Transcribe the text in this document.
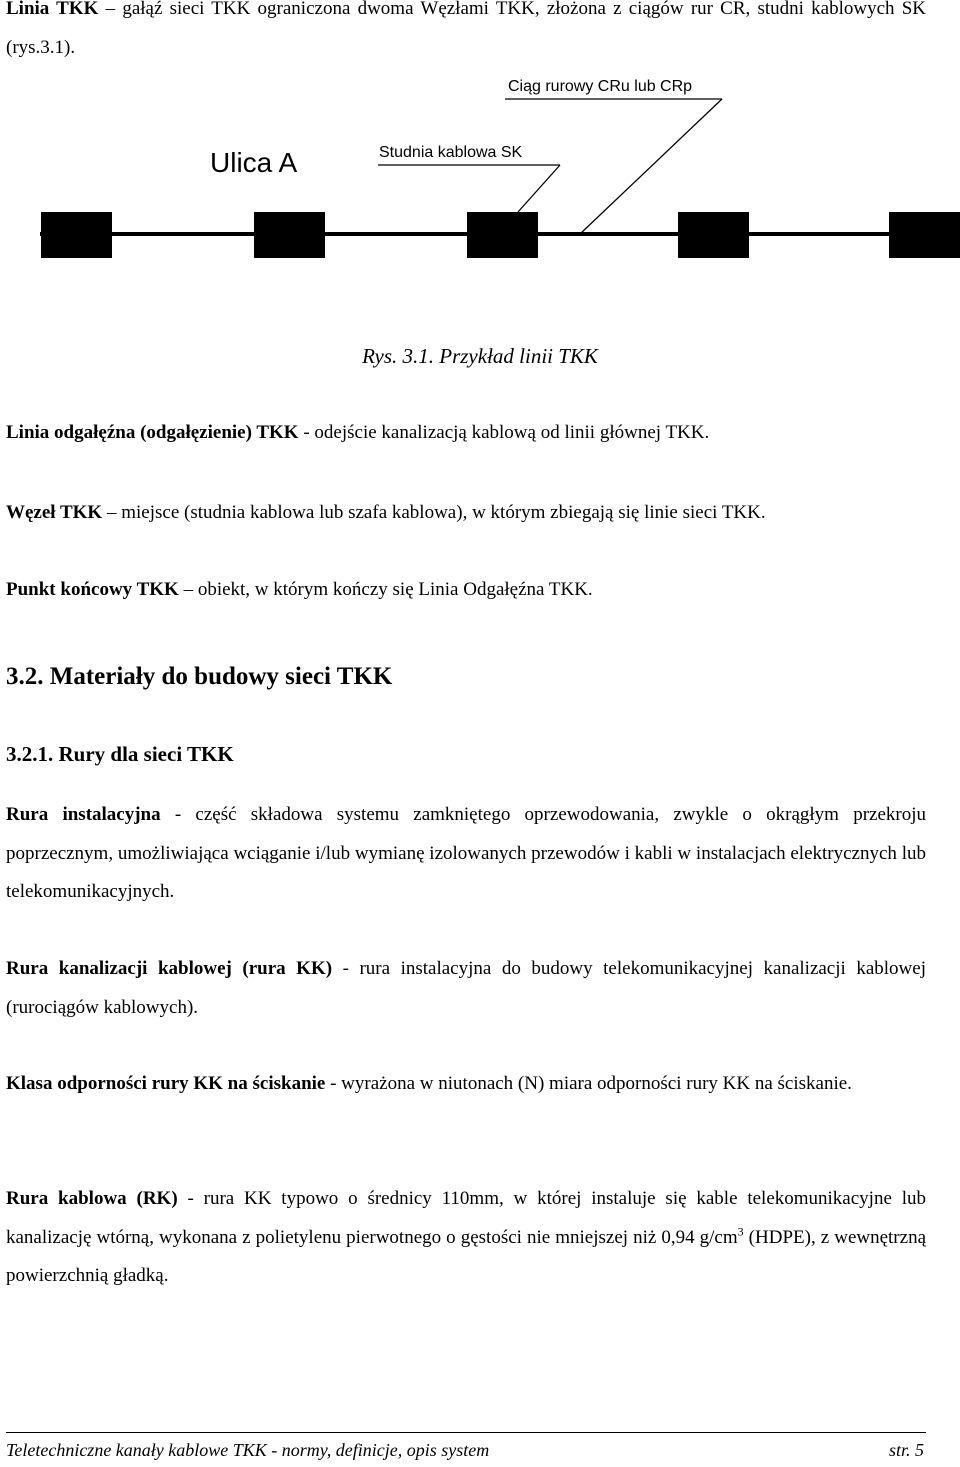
Linia TKK – gałąź sieci TKK ograniczona dwoma Węzłami TKK, złożona z ciągów rur CR, studni kablowych SK (rys.3.1).

Ciąg rurowy CRu lub CRp

Ulica A	Studnia kablowa SK

Rys. 3.1. Przykład linii TKK

Linia odgałęźna (odgałęzienie) TKK - odejście kanalizacją kablową od linii głównej TKK.

Węzeł TKK – miejsce (studnia kablowa lub szafa kablowa), w którym zbiegają się linie sieci TKK.

Punkt końcowy TKK – obiekt, w którym kończy się Linia Odgałęźna TKK.

3.2. Materiały do budowy sieci TKK

3.2.1. Rury dla sieci TKK

Rura instalacyjna - część składowa systemu zamkniętego oprzewodowania, zwykle o okrągłym przekroju poprzecznym, umożliwiająca wciąganie i/lub wymianę izolowanych przewodów i kabli w instalacjach elektrycznych lub telekomunikacyjnych.

Rura kanalizacji kablowej (rura KK) - rura instalacyjna do budowy telekomunikacyjnej kanalizacji kablowej (rurociągów kablowych).

Klasa odporności rury KK na ściskanie - wyrażona w niutonach (N) miara odporności rury KK na ściskanie.

Rura kablowa (RK) - rura KK typowo o średnicy 110mm, w której instaluje się kable telekomunikacyjne lub kanalizację wtórną, wykonana z polietylenu pierwotnego o gęstości nie mniejszej niż 0,94 $g/cm^3$ (HDPE), z wewnętrzną powierzchnią gładką.

Teletechniczne kanały kablowe TKK - normy, definicje, opis system	str. 5
